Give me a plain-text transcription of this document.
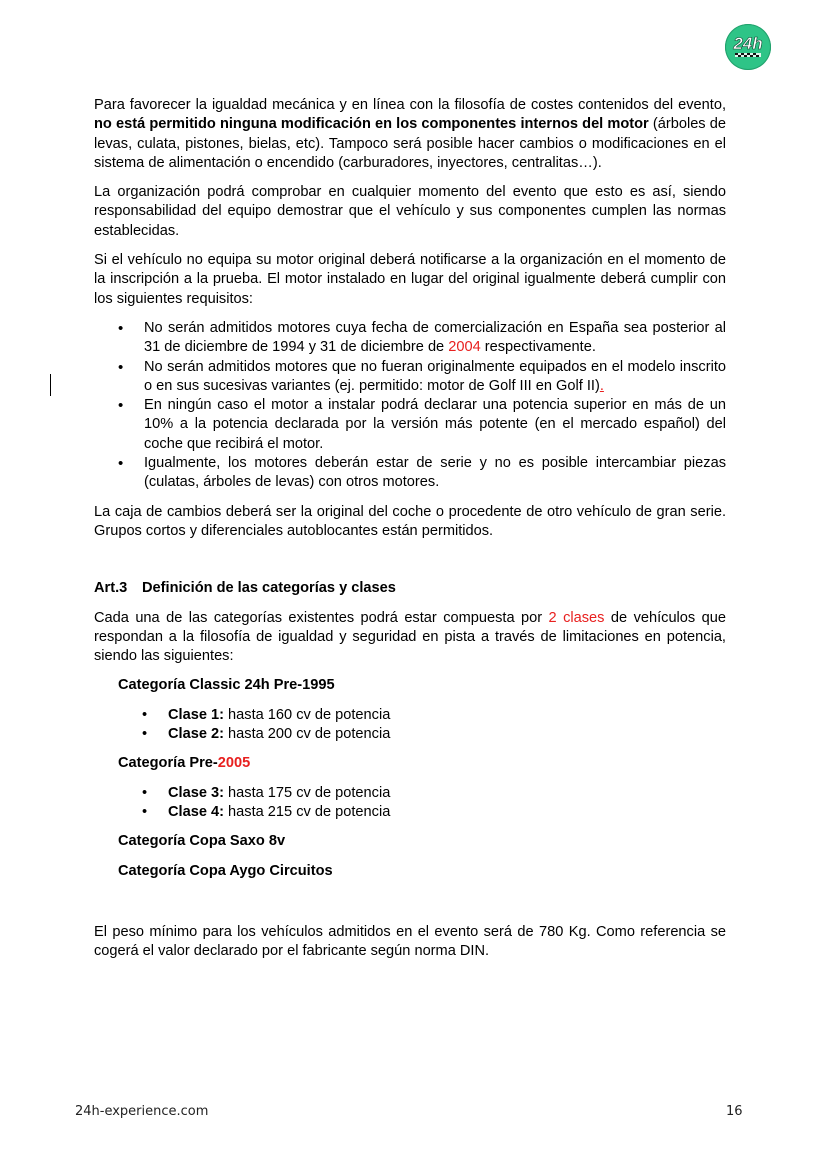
24h

Para favorecer la igualdad mecánica y en línea con la filosofía de costes contenidos del evento, no está permitido ninguna modificación en los componentes internos del motor (árboles de levas, culata, pistones, bielas, etc). Tampoco será posible hacer cambios o modificaciones en el sistema de alimentación o encendido (carburadores, inyectores, centralitas…).

La organización podrá comprobar en cualquier momento del evento que esto es así, siendo responsabilidad del equipo demostrar que el vehículo y sus componentes cumplen las normas establecidas.

Si el vehículo no equipa su motor original deberá notificarse a la organización en el momento de la inscripción a la prueba. El motor instalado en lugar del original igualmente deberá cumplir con los siguientes requisitos:

• No serán admitidos motores cuya fecha de comercialización en España sea posterior al 31 de diciembre de 1994 y 31 de diciembre de 2004 respectivamente.
• No serán admitidos motores que no fueran originalmente equipados en el modelo inscrito o en sus sucesivas variantes (ej. permitido: motor de Golf III en Golf II).
• En ningún caso el motor a instalar podrá declarar una potencia superior en más de un 10% a la potencia declarada por la versión más potente (en el mercado español) del coche que recibirá el motor.
• Igualmente, los motores deberán estar de serie y no es posible intercambiar piezas (culatas, árboles de levas) con otros motores.

La caja de cambios deberá ser la original del coche o procedente de otro vehículo de gran serie. Grupos cortos y diferenciales autoblocantes están permitidos.

Art.3 Definición de las categorías y clases

Cada una de las categorías existentes podrá estar compuesta por 2 clases de vehículos que respondan a la filosofía de igualdad y seguridad en pista a través de limitaciones en potencia, siendo las siguientes:

Categoría Classic 24h Pre-1995
• Clase 1: hasta 160 cv de potencia
• Clase 2: hasta 200 cv de potencia
Categoría Pre-2005
• Clase 3: hasta 175 cv de potencia
• Clase 4: hasta 215 cv de potencia
Categoría Copa Saxo 8v
Categoría Copa Aygo Circuitos

El peso mínimo para los vehículos admitidos en el evento será de 780 Kg. Como referencia se cogerá el valor declarado por el fabricante según norma DIN.

24h-experience.com	16
